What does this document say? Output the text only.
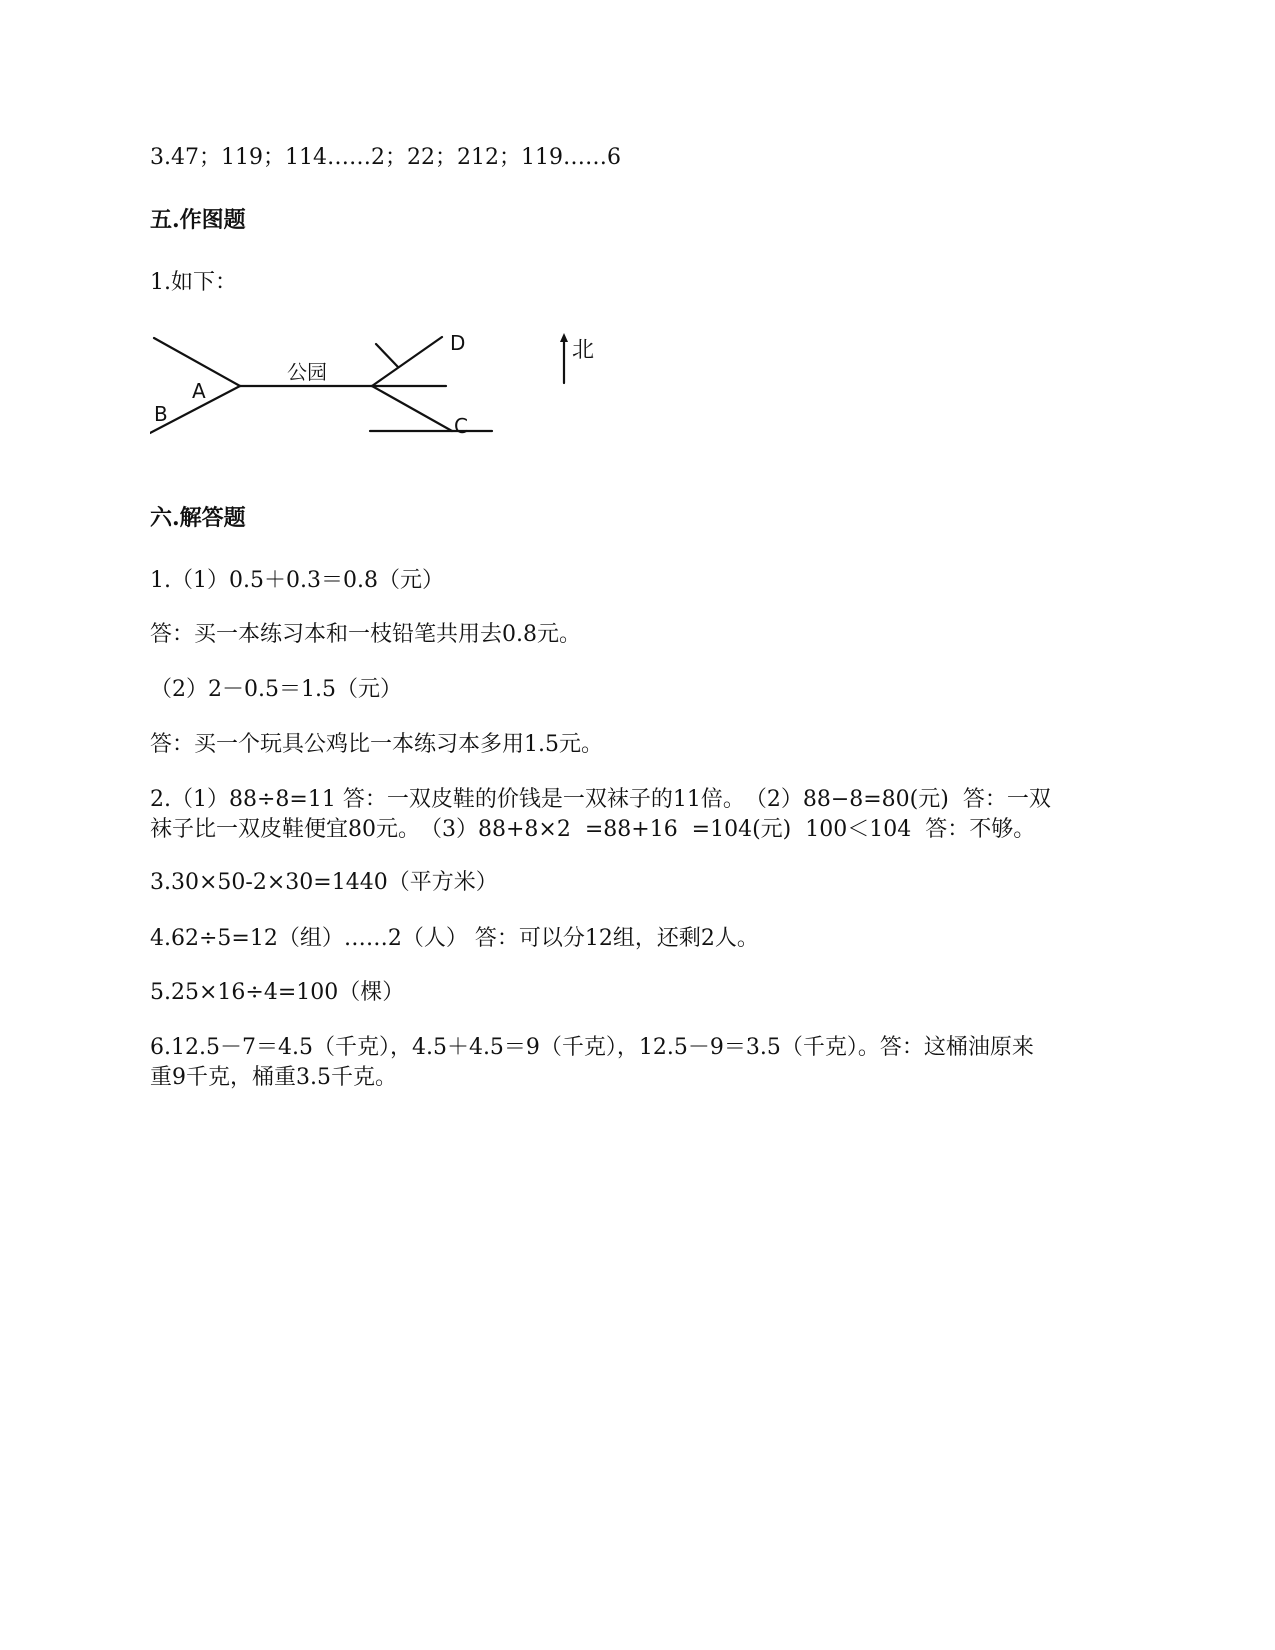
3.47；119；114……2；22；212；119……6
五.作图题
1.如下：
A
B
公园
D
C
北
六.解答题
1.（1）0.5＋0.3＝0.8（元）
答：买一本练习本和一枝铅笔共用去0.8元。
（2）2－0.5＝1.5（元）
答：买一个玩具公鸡比一本练习本多用1.5元。
2.（1）88÷8=11 答：一双皮鞋的价钱是一双袜子的11倍。　（2）88−8=80(元)  答：一双
袜子比一双皮鞋便宜80元。　（3）88+8×2  =88+16  =104(元)  100＜104  答：不够。
3.30×50-2×30=1440（平方米）
4.62÷5=12（组）……2（人） 答：可以分12组，还剩2人。
5.25×16÷4=100（棵）
6.12.5－7＝4.5（千克），4.5＋4.5＝9（千克），12.5－9＝3.5（千克）。答：这桶油原来
重9千克，桶重3.5千克。
